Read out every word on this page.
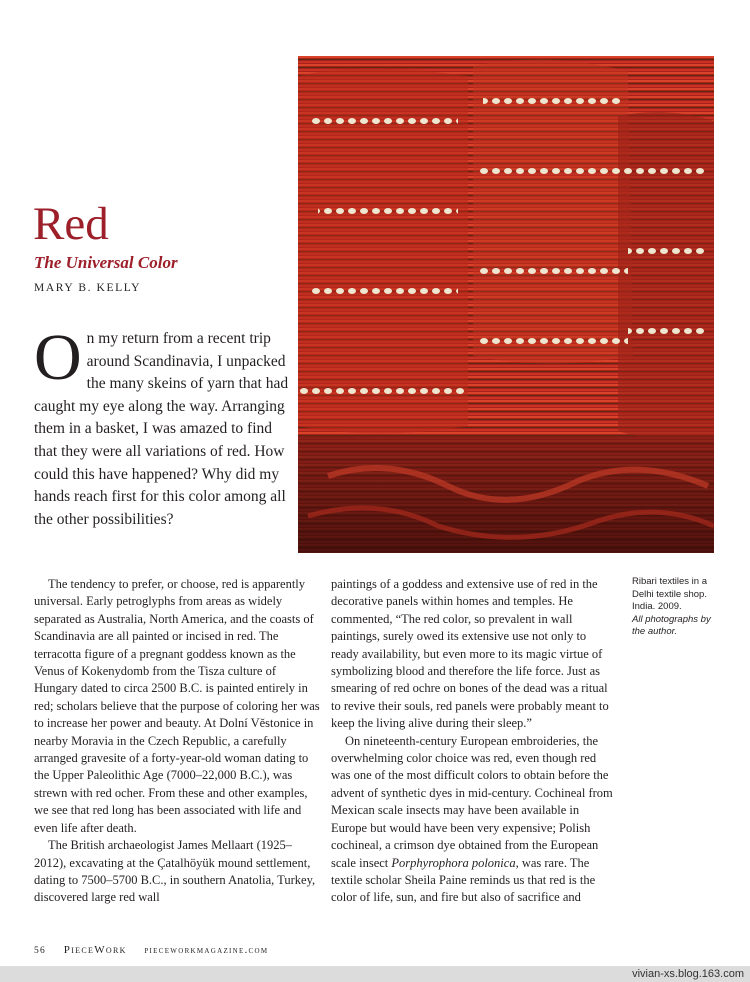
Red
The Universal Color
MARY B. KELLY

On my return from a recent trip around Scandinavia, I unpacked the many skeins of yarn that had caught my eye along the way. Arranging them in a basket, I was amazed to find that they were all variations of red. How could this have happened? Why did my hands reach first for this color among all the other possibilities?

The tendency to prefer, or choose, red is apparently universal. Early petroglyphs from areas as widely separated as Australia, North America, and the coasts of Scandinavia are all painted or incised in red. The terracotta figure of a pregnant goddess known as the Venus of Kokenydomb from the Tisza culture of Hungary dated to circa 2500 B.C. is painted entirely in red; scholars believe that the purpose of coloring her was to increase her power and beauty. At Dolní Věstonice in nearby Moravia in the Czech Republic, a carefully arranged gravesite of a forty-year-old woman dating to the Upper Paleolithic Age (7000–22,000 B.C.), was strewn with red ocher. From these and other examples, we see that red long has been associated with life and even life after death.

The British archaeologist James Mellaart (1925–2012), excavating at the Çatalhöyük mound settlement, dating to 7500–5700 B.C., in southern Anatolia, Turkey, discovered large red wall

paintings of a goddess and extensive use of red in the decorative panels within homes and temples. He commented, “The red color, so prevalent in wall paintings, surely owed its extensive use not only to ready availability, but even more to its magic virtue of symbolizing blood and therefore the life force. Just as smearing of red ochre on bones of the dead was a ritual to revive their souls, red panels were probably meant to keep the living alive during their sleep.”

On nineteenth-century European embroideries, the overwhelming color choice was red, even though red was one of the most difficult colors to obtain before the advent of synthetic dyes in mid-century. Cochineal from Mexican scale insects may have been available in Europe but would have been very expensive; Polish cochineal, a crimson dye obtained from the European scale insect Porphyrophora polonica, was rare. The textile scholar Sheila Paine reminds us that red is the color of life, sun, and fire but also of sacrifice and

Ribari textiles in a Delhi textile shop. India. 2009.
All photographs by the author.
56 PieceWork pieceworkmagazine.com
vivian-xs.blog.163.com
